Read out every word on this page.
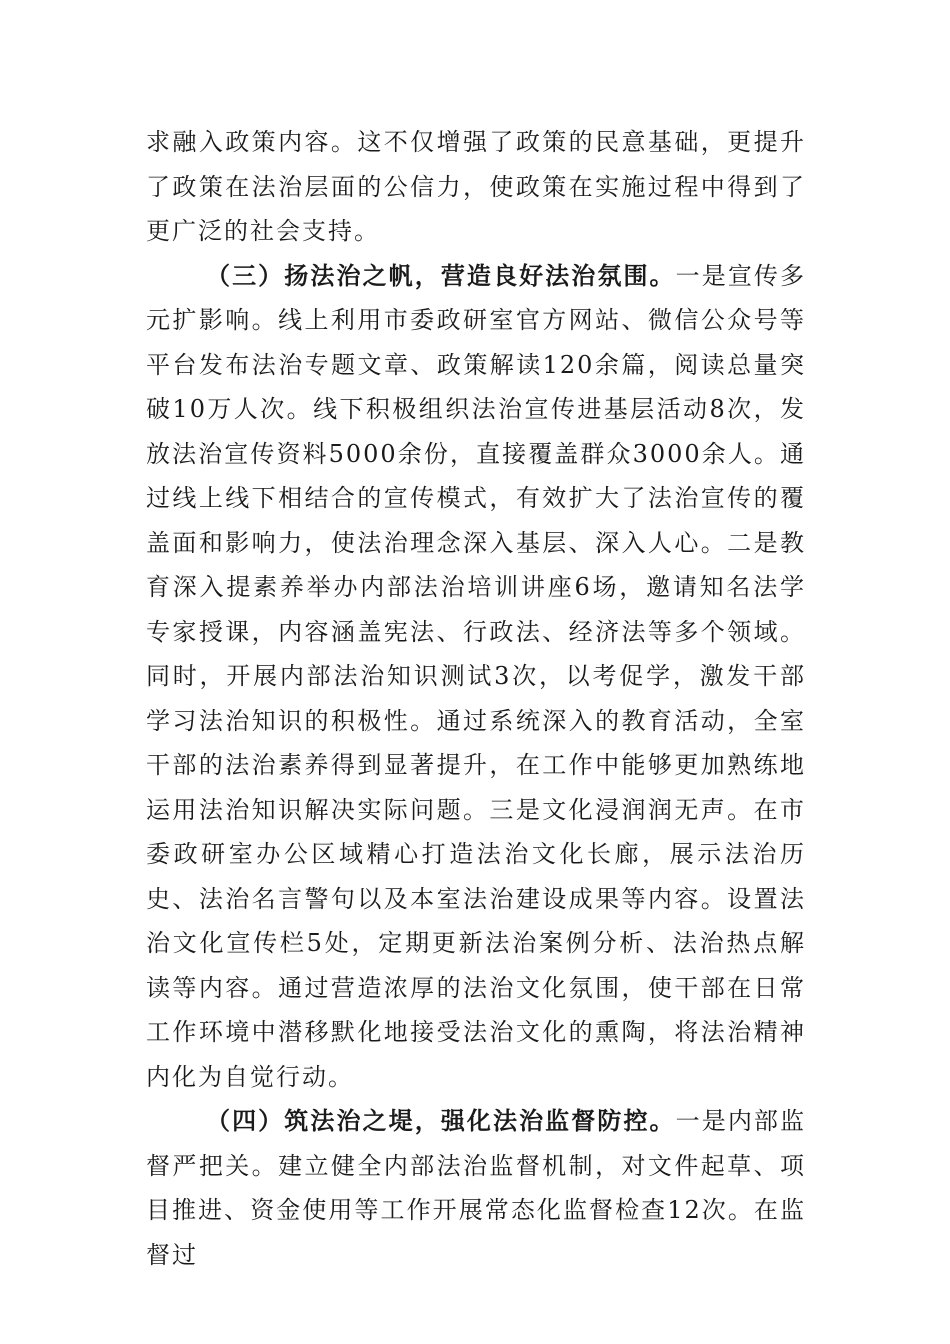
求融入政策内容。这不仅增强了政策的民意基础，更提升了政策在法治层面的公信力，使政策在实施过程中得到了更广泛的社会支持。

（三）扬法治之帆，营造良好法治氛围。一是宣传多元扩影响。线上利用市委政研室官方网站、微信公众号等平台发布法治专题文章、政策解读120余篇，阅读总量突破10万人次。线下积极组织法治宣传进基层活动8次，发放法治宣传资料5000余份，直接覆盖群众3000余人。通过线上线下相结合的宣传模式，有效扩大了法治宣传的覆盖面和影响力，使法治理念深入基层、深入人心。二是教育深入提素养举办内部法治培训讲座6场，邀请知名法学专家授课，内容涵盖宪法、行政法、经济法等多个领域。同时，开展内部法治知识测试3次，以考促学，激发干部学习法治知识的积极性。通过系统深入的教育活动，全室干部的法治素养得到显著提升，在工作中能够更加熟练地运用法治知识解决实际问题。三是文化浸润润无声。在市委政研室办公区域精心打造法治文化长廊，展示法治历史、法治名言警句以及本室法治建设成果等内容。设置法治文化宣传栏5处，定期更新法治案例分析、法治热点解读等内容。通过营造浓厚的法治文化氛围，使干部在日常工作环境中潜移默化地接受法治文化的熏陶，将法治精神内化为自觉行动。

（四）筑法治之堤，强化法治监督防控。一是内部监督严把关。建立健全内部法治监督机制，对文件起草、项目推进、资金使用等工作开展常态化监督检查12次。在监督过
